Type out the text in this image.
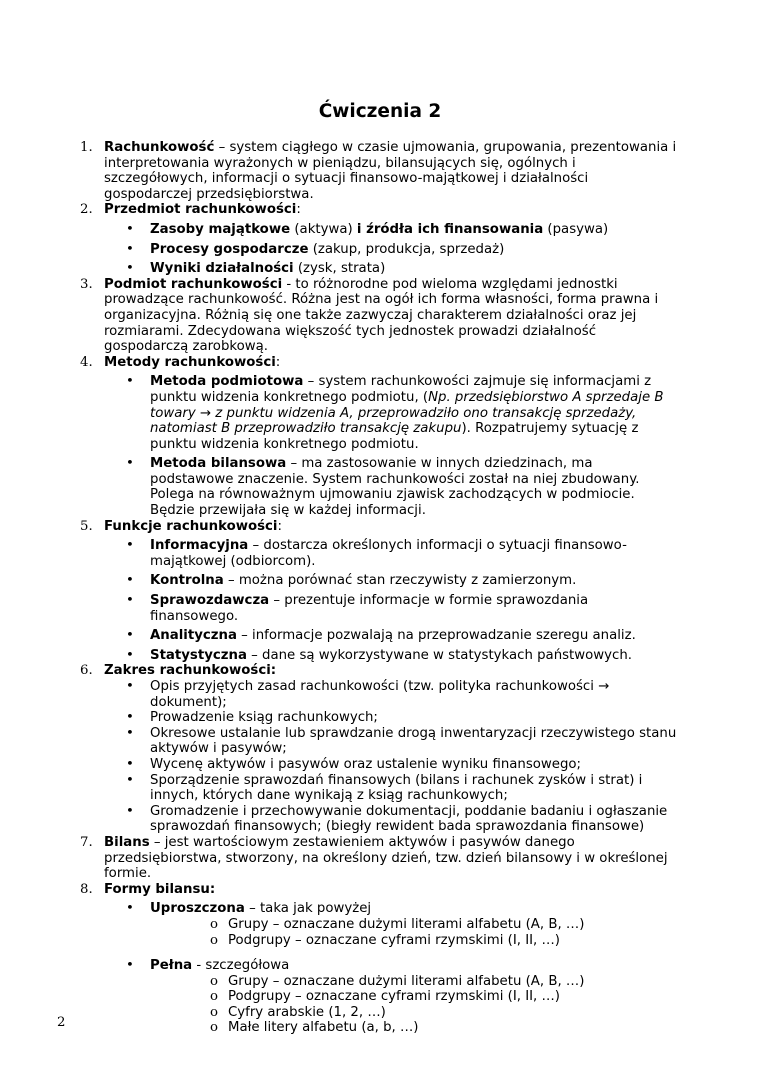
Ćwiczenia 2
1. Rachunkowość – system ciągłego w czasie ujmowania, grupowania, prezentowania i interpretowania wyrażonych w pieniądzu, bilansujących się, ogólnych i szczegółowych, informacji o sytuacji finansowo-majątkowej i działalności gospodarczej przedsiębiorstwa.
2. Przedmiot rachunkowości:
• Zasoby majątkowe (aktywa) i źródła ich finansowania (pasywa)
• Procesy gospodarcze (zakup, produkcja, sprzedaż)
• Wyniki działalności (zysk, strata)
3. Podmiot rachunkowości - to różnorodne pod wieloma względami jednostki prowadzące rachunkowość. Różna jest na ogół ich forma własności, forma prawna i organizacyjna. Różnią się one także zazwyczaj charakterem działalności oraz jej rozmiarami. Zdecydowana większość tych jednostek prowadzi działalność gospodarczą zarobkową.
4. Metody rachunkowości:
• Metoda podmiotowa – system rachunkowości zajmuje się informacjami z punktu widzenia konkretnego podmiotu, (Np. przedsiębiorstwo A sprzedaje B towary → z punktu widzenia A, przeprowadziło ono transakcję sprzedaży, natomiast B przeprowadziło transakcję zakupu). Rozpatrujemy sytuację z punktu widzenia konkretnego podmiotu.
• Metoda bilansowa – ma zastosowanie w innych dziedzinach, ma podstawowe znaczenie. System rachunkowości został na niej zbudowany. Polega na równoważnym ujmowaniu zjawisk zachodzących w podmiocie. Będzie przewijała się w każdej informacji.
5. Funkcje rachunkowości:
• Informacyjna – dostarcza określonych informacji o sytuacji finansowo-majątkowej (odbiorcom).
• Kontrolna – można porównać stan rzeczywisty z zamierzonym.
• Sprawozdawcza – prezentuje informacje w formie sprawozdania finansowego.
• Analityczna – informacje pozwalają na przeprowadzanie szeregu analiz.
• Statystyczna – dane są wykorzystywane w statystykach państwowych.
6. Zakres rachunkowości:
• Opis przyjętych zasad rachunkowości (tzw. polityka rachunkowości → dokument);
• Prowadzenie ksiąg rachunkowych;
• Okresowe ustalanie lub sprawdzanie drogą inwentaryzacji rzeczywistego stanu aktywów i pasywów;
• Wycenę aktywów i pasywów oraz ustalenie wyniku finansowego;
• Sporządzenie sprawozdań finansowych (bilans i rachunek zysków i strat) i innych, których dane wynikają z ksiąg rachunkowych;
• Gromadzenie i przechowywanie dokumentacji, poddanie badaniu i ogłaszanie sprawozdań finansowych; (biegły rewident bada sprawozdania finansowe)
7. Bilans – jest wartościowym zestawieniem aktywów i pasywów danego przedsiębiorstwa, stworzony, na określony dzień, tzw. dzień bilansowy i w określonej formie.
8. Formy bilansu:
• Uproszczona – taka jak powyżej
o Grupy – oznaczane dużymi literami alfabetu (A, B, …)
o Podgrupy – oznaczane cyframi rzymskimi (I, II, …)
• Pełna - szczegółowa
o Grupy – oznaczane dużymi literami alfabetu (A, B, …)
o Podgrupy – oznaczane cyframi rzymskimi (I, II, …)
o Cyfry arabskie (1, 2, …)
o Małe litery alfabetu (a, b, …)
2
